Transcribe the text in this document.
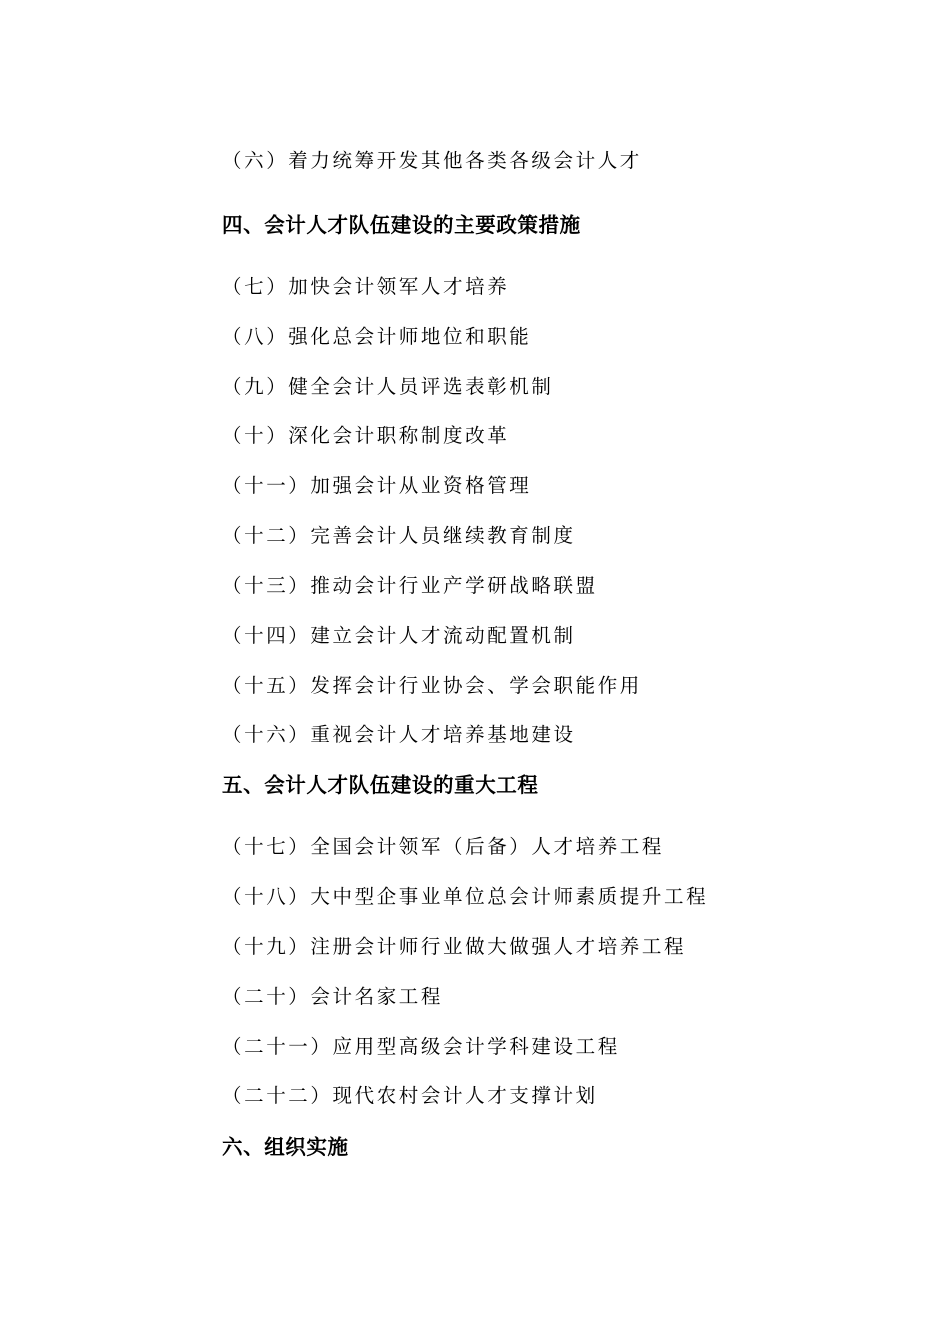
（六）着力统筹开发其他各类各级会计人才
四、会计人才队伍建设的主要政策措施
（七）加快会计领军人才培养
（八）强化总会计师地位和职能
（九）健全会计人员评选表彰机制
（十）深化会计职称制度改革
（十一）加强会计从业资格管理
（十二）完善会计人员继续教育制度
（十三）推动会计行业产学研战略联盟
（十四）建立会计人才流动配置机制
（十五）发挥会计行业协会、学会职能作用
（十六）重视会计人才培养基地建设
五、会计人才队伍建设的重大工程
（十七）全国会计领军（后备）人才培养工程
（十八）大中型企事业单位总会计师素质提升工程
（十九）注册会计师行业做大做强人才培养工程
（二十）会计名家工程
（二十一）应用型高级会计学科建设工程
（二十二）现代农村会计人才支撑计划
六、组织实施
